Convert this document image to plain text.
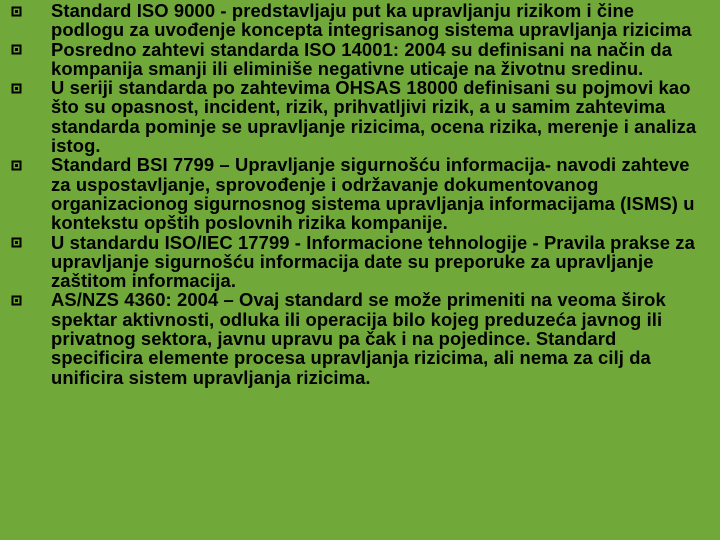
Standard ISO 9000 - predstavljaju put ka upravljanju rizikom i čine podlogu za uvođenje koncepta integrisanog sistema upravljanja rizicima
Posredno zahtevi standarda ISO 14001: 2004 su definisani na način da kompanija smanji ili eliminiše negativne uticaje na životnu sredinu.
U seriji standarda po zahtevima OHSAS 18000 definisani su pojmovi kao što su opasnost, incident, rizik, prihvatljivi rizik, a u samim zahtevima standarda pominje se upravljanje rizicima, ocena rizika, merenje i analiza istog.
Standard BSI 7799 – Upravljanje sigurnošću informacija- navodi zahteve za uspostavljanje, sprovođenje i održavanje dokumentovanog organizacionog sigurnosnog sistema upravljanja informacijama (ISMS) u kontekstu opštih poslovnih rizika kompanije.
U standardu ISO/IEC 17799 - Informacione tehnologije - Pravila prakse za upravljanje sigurnošću informacija date su preporuke za upravljanje zaštitom informacija.
AS/NZS 4360: 2004 – Ovaj standard se može primeniti na veoma širok spektar aktivnosti, odluka ili operacija bilo kojeg preduzeća javnog ili privatnog sektora, javnu upravu pa čak i na pojedince. Standard specificira elemente procesa upravljanja rizicima, ali nema za cilj da unificira sistem upravljanja rizicima.
